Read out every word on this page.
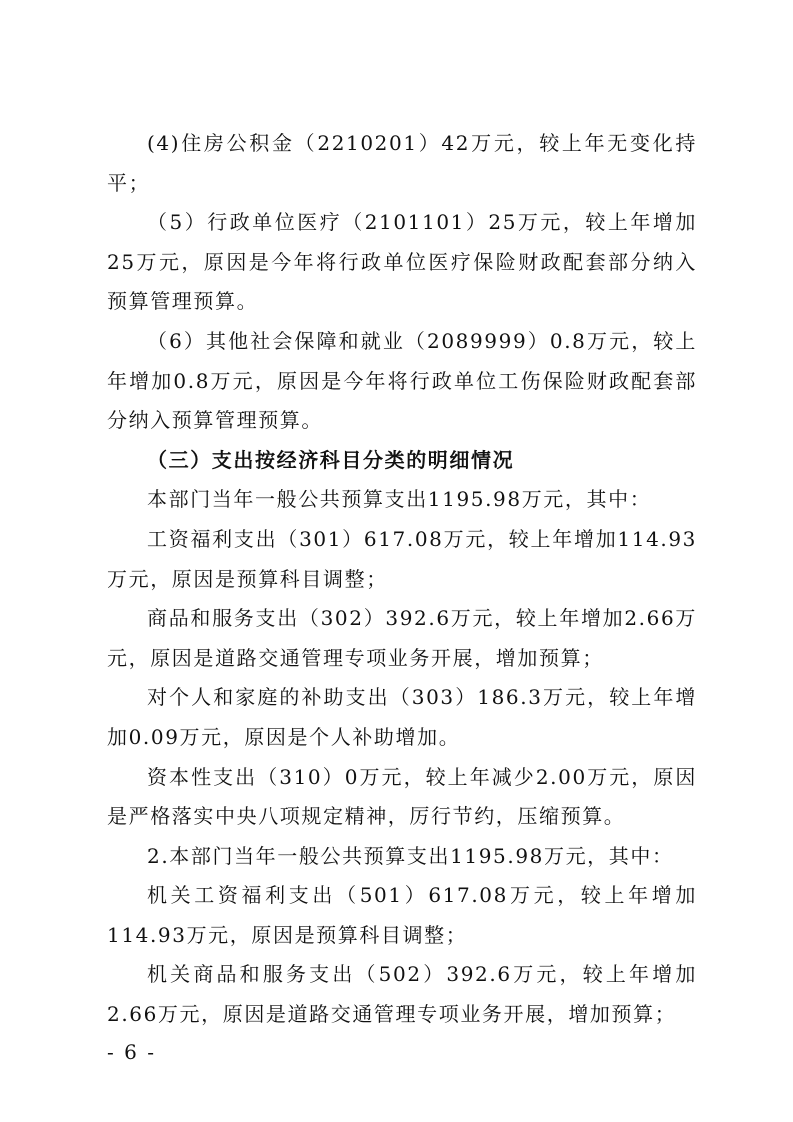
(4)住房公积金（2210201）42万元，较上年无变化持平；

（5）行政单位医疗（2101101）25万元，较上年增加25万元，原因是今年将行政单位医疗保险财政配套部分纳入预算管理预算。

（6）其他社会保障和就业（2089999）0.8万元，较上年增加0.8万元，原因是今年将行政单位工伤保险财政配套部分纳入预算管理预算。

（三）支出按经济科目分类的明细情况

本部门当年一般公共预算支出1195.98万元，其中：

工资福利支出（301）617.08万元，较上年增加114.93万元，原因是预算科目调整；

商品和服务支出（302）392.6万元，较上年增加2.66万元，原因是道路交通管理专项业务开展，增加预算；

对个人和家庭的补助支出（303）186.3万元，较上年增加0.09万元，原因是个人补助增加。

资本性支出（310）0万元，较上年减少2.00万元，原因是严格落实中央八项规定精神，厉行节约，压缩预算。

2.本部门当年一般公共预算支出1195.98万元，其中：

机关工资福利支出（501）617.08万元，较上年增加114.93万元，原因是预算科目调整；

机关商品和服务支出（502）392.6万元，较上年增加2.66万元，原因是道路交通管理专项业务开展，增加预算；

- 6 -
